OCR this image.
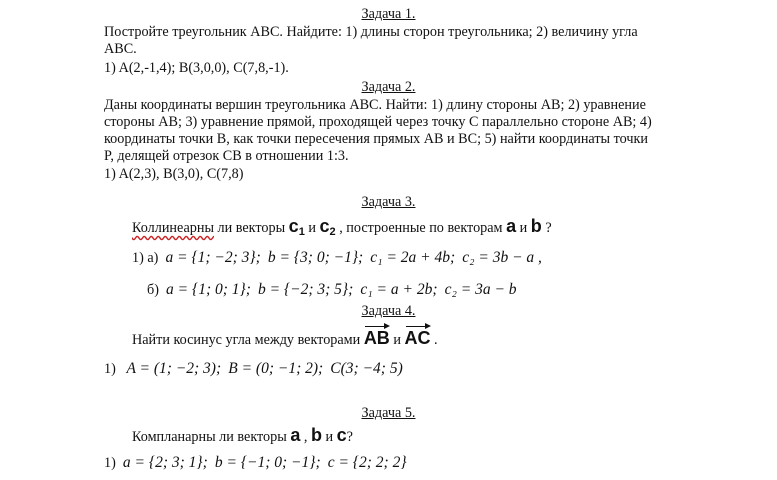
Задача 1.
Постройте треугольник ABC. Найдите: 1) длины сторон треугольника; 2) величину угла
ABC.
1) A(2,-1,4); B(3,0,0), C(7,8,-1).
Задача 2.
Даны координаты вершин треугольника ABC. Найти: 1) длину стороны AB; 2) уравнение
стороны AB; 3) уравнение прямой, проходящей через точку C параллельно стороне AB; 4)
координаты точки B, как точки пересечения прямых AB и BC; 5) найти координаты точки
P, делящей отрезок CB в отношении 1:3.
1) A(2,3), B(3,0), C(7,8)
Задача 3.
Коллинеарны ли векторы $c_1$ и $c_2$ , построенные по векторам a и b ?
1) а) a = {1; −2; 3}; b = {3; 0; −1}; c₁ = 2a + 4b; c₂ = 3b − a ,
б) a = {1; 0; 1}; b = {−2; 3; 5}; c₁ = a + 2b; c₂ = 3a − b
Задача 4.
Найти косинус угла между векторами AB и AC .
1) A = (1; −2; 3); B = (0; −1; 2); C(3; −4; 5)
Задача 5.
Компланарны ли векторы a , b и c?
1) a = {2; 3; 1}; b = {−1; 0; −1}; c = {2; 2; 2}
